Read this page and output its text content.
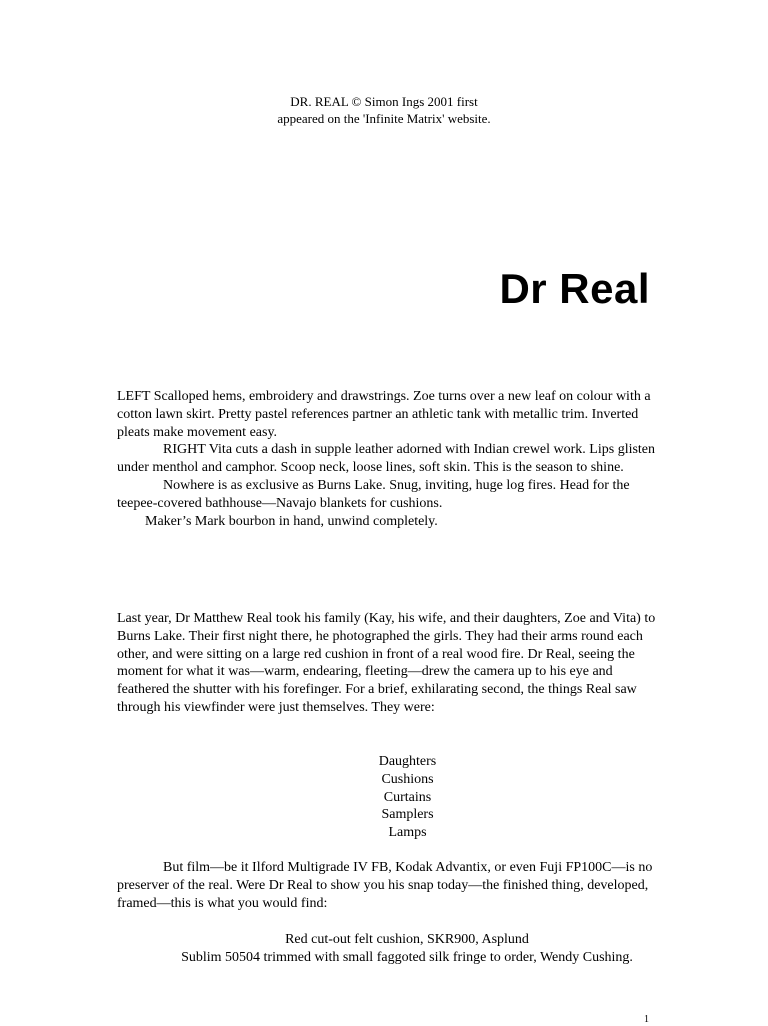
DR. REAL © Simon Ings 2001 first
appeared on the 'Infinite Matrix' website.
Dr Real

LEFT Scalloped hems, embroidery and drawstrings. Zoe turns over a new leaf on colour with a cotton lawn skirt. Pretty pastel references partner an athletic tank with metallic trim. Inverted pleats make movement easy.

RIGHT Vita cuts a dash in supple leather adorned with Indian crewel work. Lips glisten under menthol and camphor. Scoop neck, loose lines, soft skin. This is the season to shine.

Nowhere is as exclusive as Burns Lake. Snug, inviting, huge log fires. Head for the teepee-covered bathhouse—Navajo blankets for cushions.

Maker’s Mark bourbon in hand, unwind completely.

Last year, Dr Matthew Real took his family (Kay, his wife, and their daughters, Zoe and Vita) to Burns Lake. Their first night there, he photographed the girls. They had their arms round each other, and were sitting on a large red cushion in front of a real wood fire. Dr Real, seeing the moment for what it was—warm, endearing, fleeting—drew the camera up to his eye and feathered the shutter with his forefinger. For a brief, exhilarating second, the things Real saw through his viewfinder were just themselves. They were:

Daughters
Cushions
Curtains
Samplers
Lamps

But film—be it Ilford Multigrade IV FB, Kodak Advantix, or even Fuji FP100C—is no preserver of the real. Were Dr Real to show you his snap today—the finished thing, developed, framed—this is what you would find:

Red cut-out felt cushion, SKR900, Asplund

Sublim 50504 trimmed with small faggoted silk fringe to order, Wendy Cushing.

1
